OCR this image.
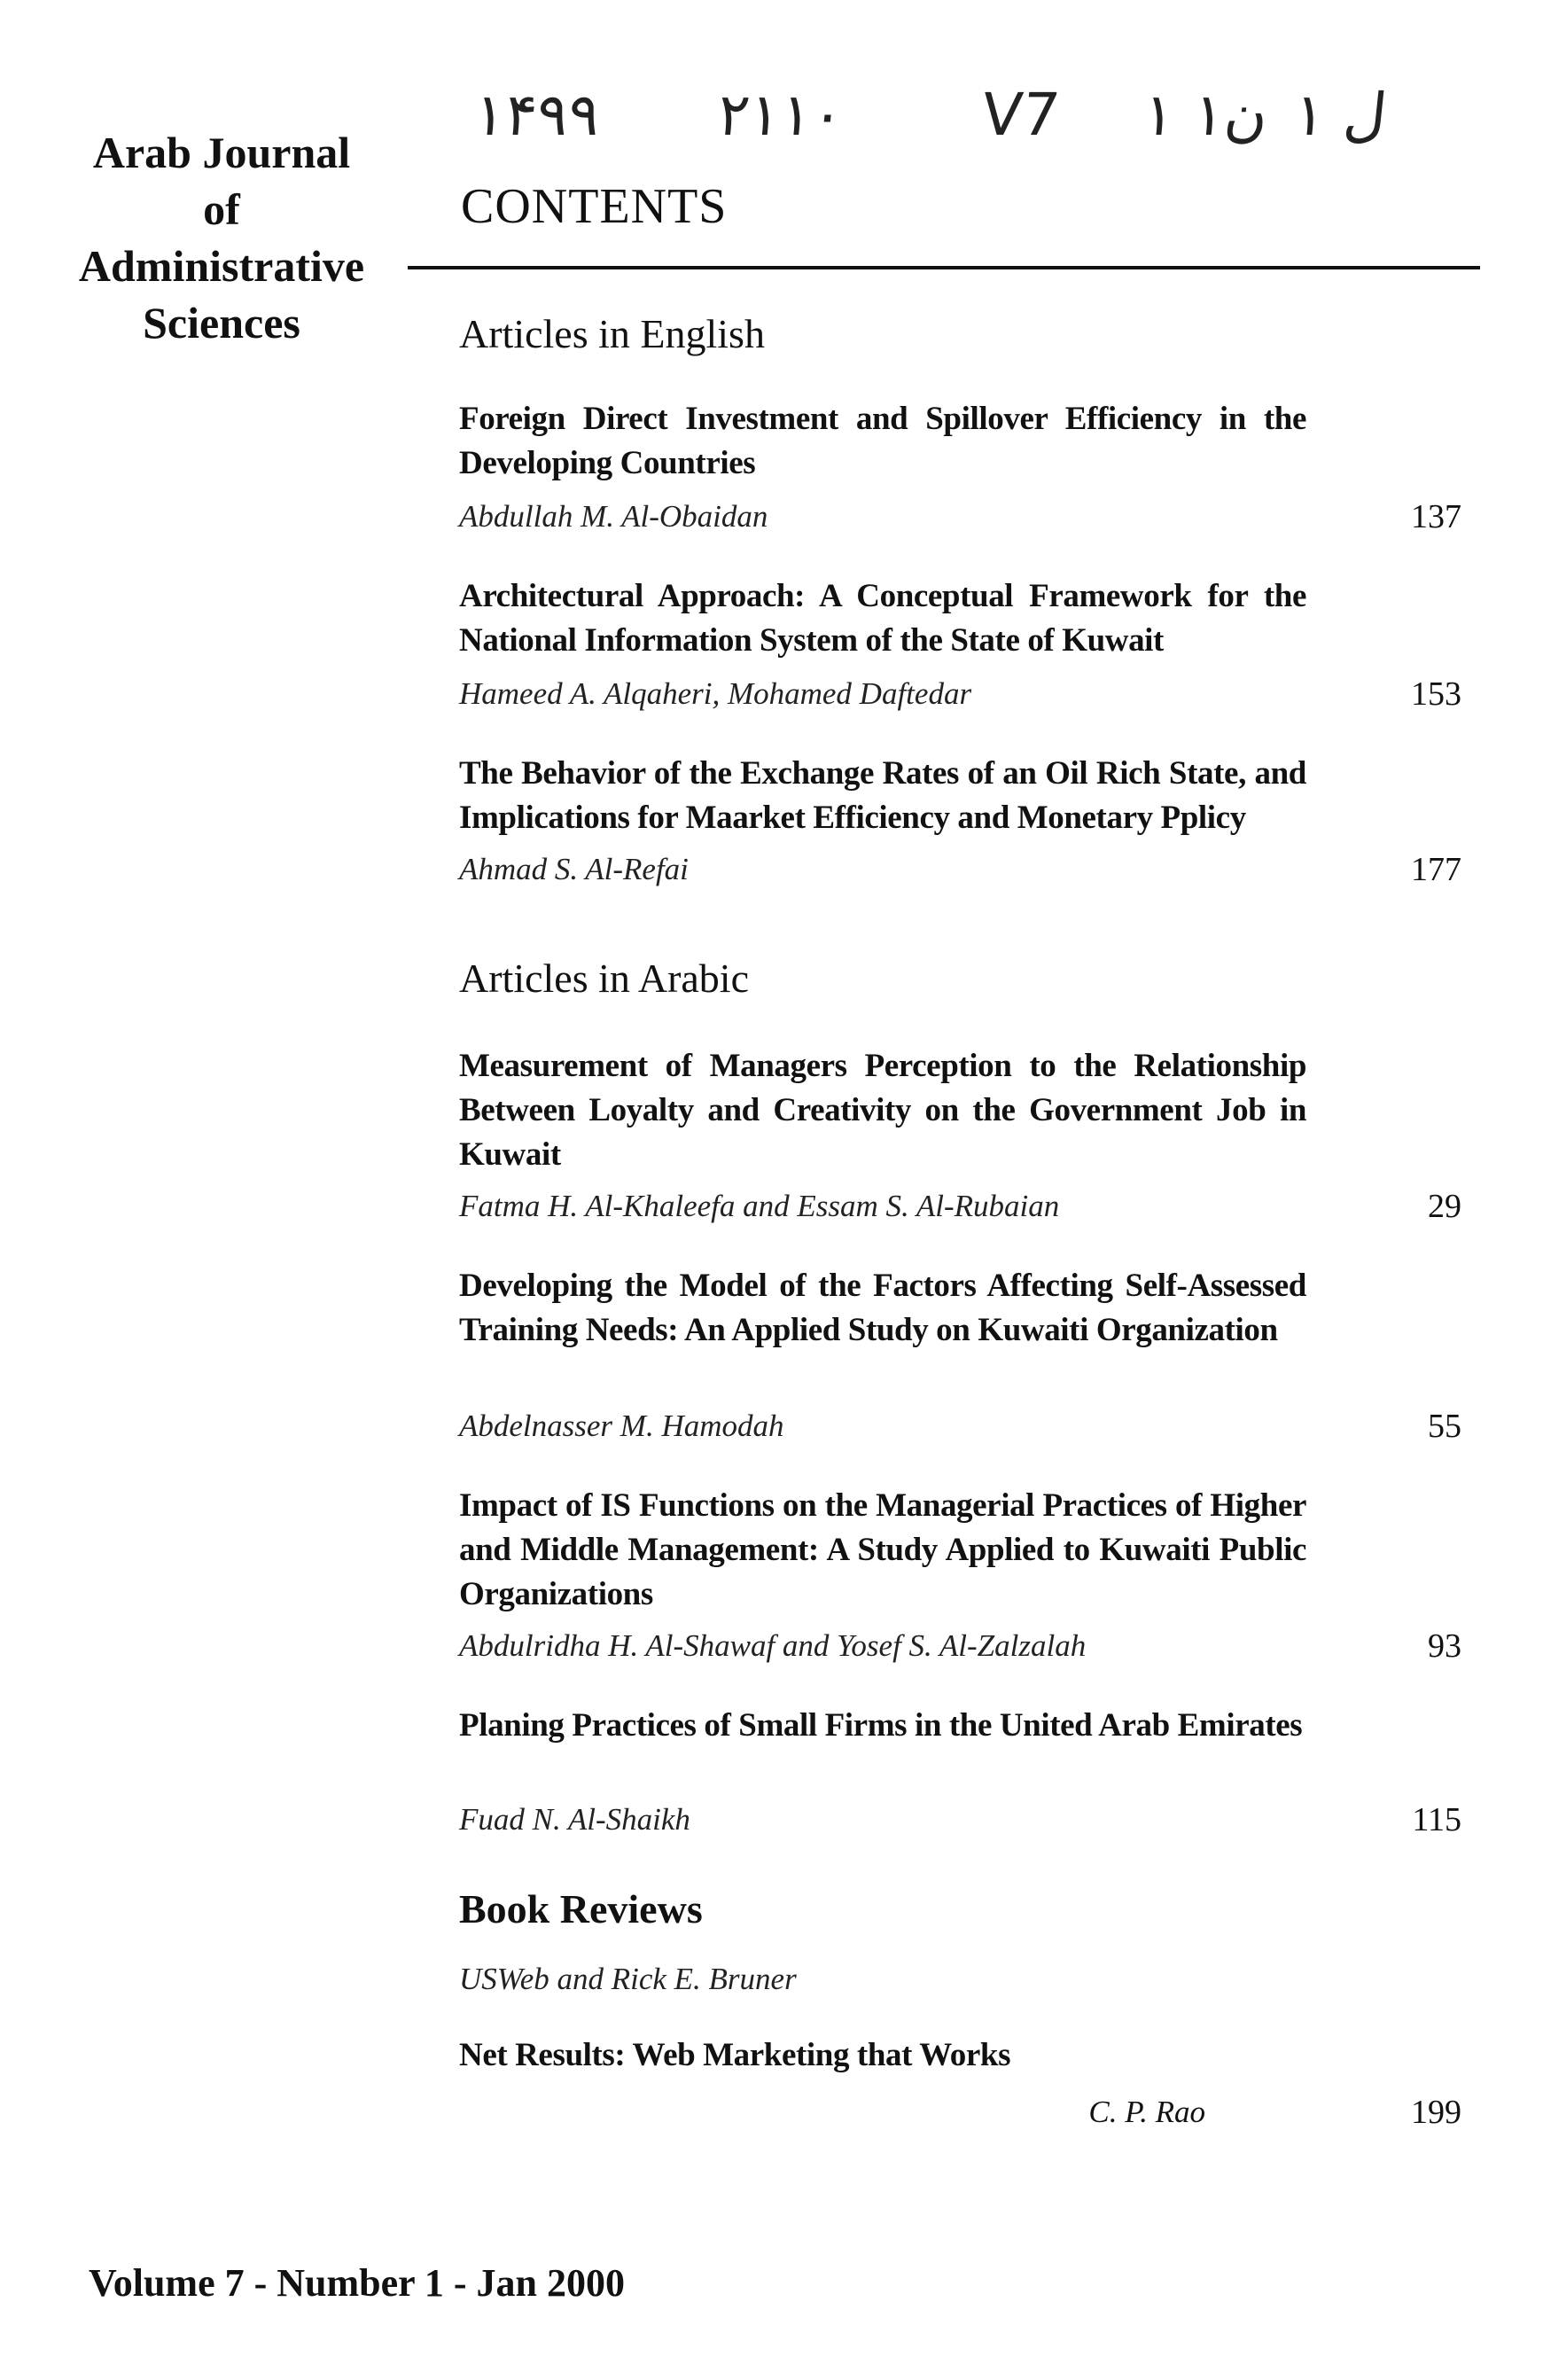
Arab Journal
of
Administrative
Sciences
١۴۹۹ ٢١١٠ V7 ن١ ١ ل ١
CONTENTS
Articles in English
Foreign Direct Investment and Spillover Efficiency in the Developing Countries
Abdullah M. Al-Obaidan	137
Architectural Approach: A Conceptual Framework for the National Information System of the State of Kuwait
Hameed A. Alqaheri, Mohamed Daftedar	153
The Behavior of the Exchange Rates of an Oil Rich State, and Implications for Maarket Efficiency and Monetary Pplicy
Ahmad S. Al-Refai	177
Articles in Arabic
Measurement of Managers Perception to the Relationship Between Loyalty and Creativity on the Government Job in Kuwait
Fatma H. Al-Khaleefa and Essam S. Al-Rubaian	29
Developing the Model of the Factors Affecting Self-Assessed Training Needs: An Applied Study on Kuwaiti Organization
Abdelnasser M. Hamodah	55
Impact of IS Functions on the Managerial Practices of Higher and Middle Management: A Study Applied to Kuwaiti Public Organizations
Abdulridha H. Al-Shawaf and Yosef S. Al-Zalzalah	93
Planing Practices of Small Firms in the United Arab Emirates
Fuad N. Al-Shaikh	115
Book Reviews
USWeb and Rick E. Bruner
Net Results: Web Marketing that Works
C. P. Rao	199
Volume 7 - Number 1 - Jan 2000
